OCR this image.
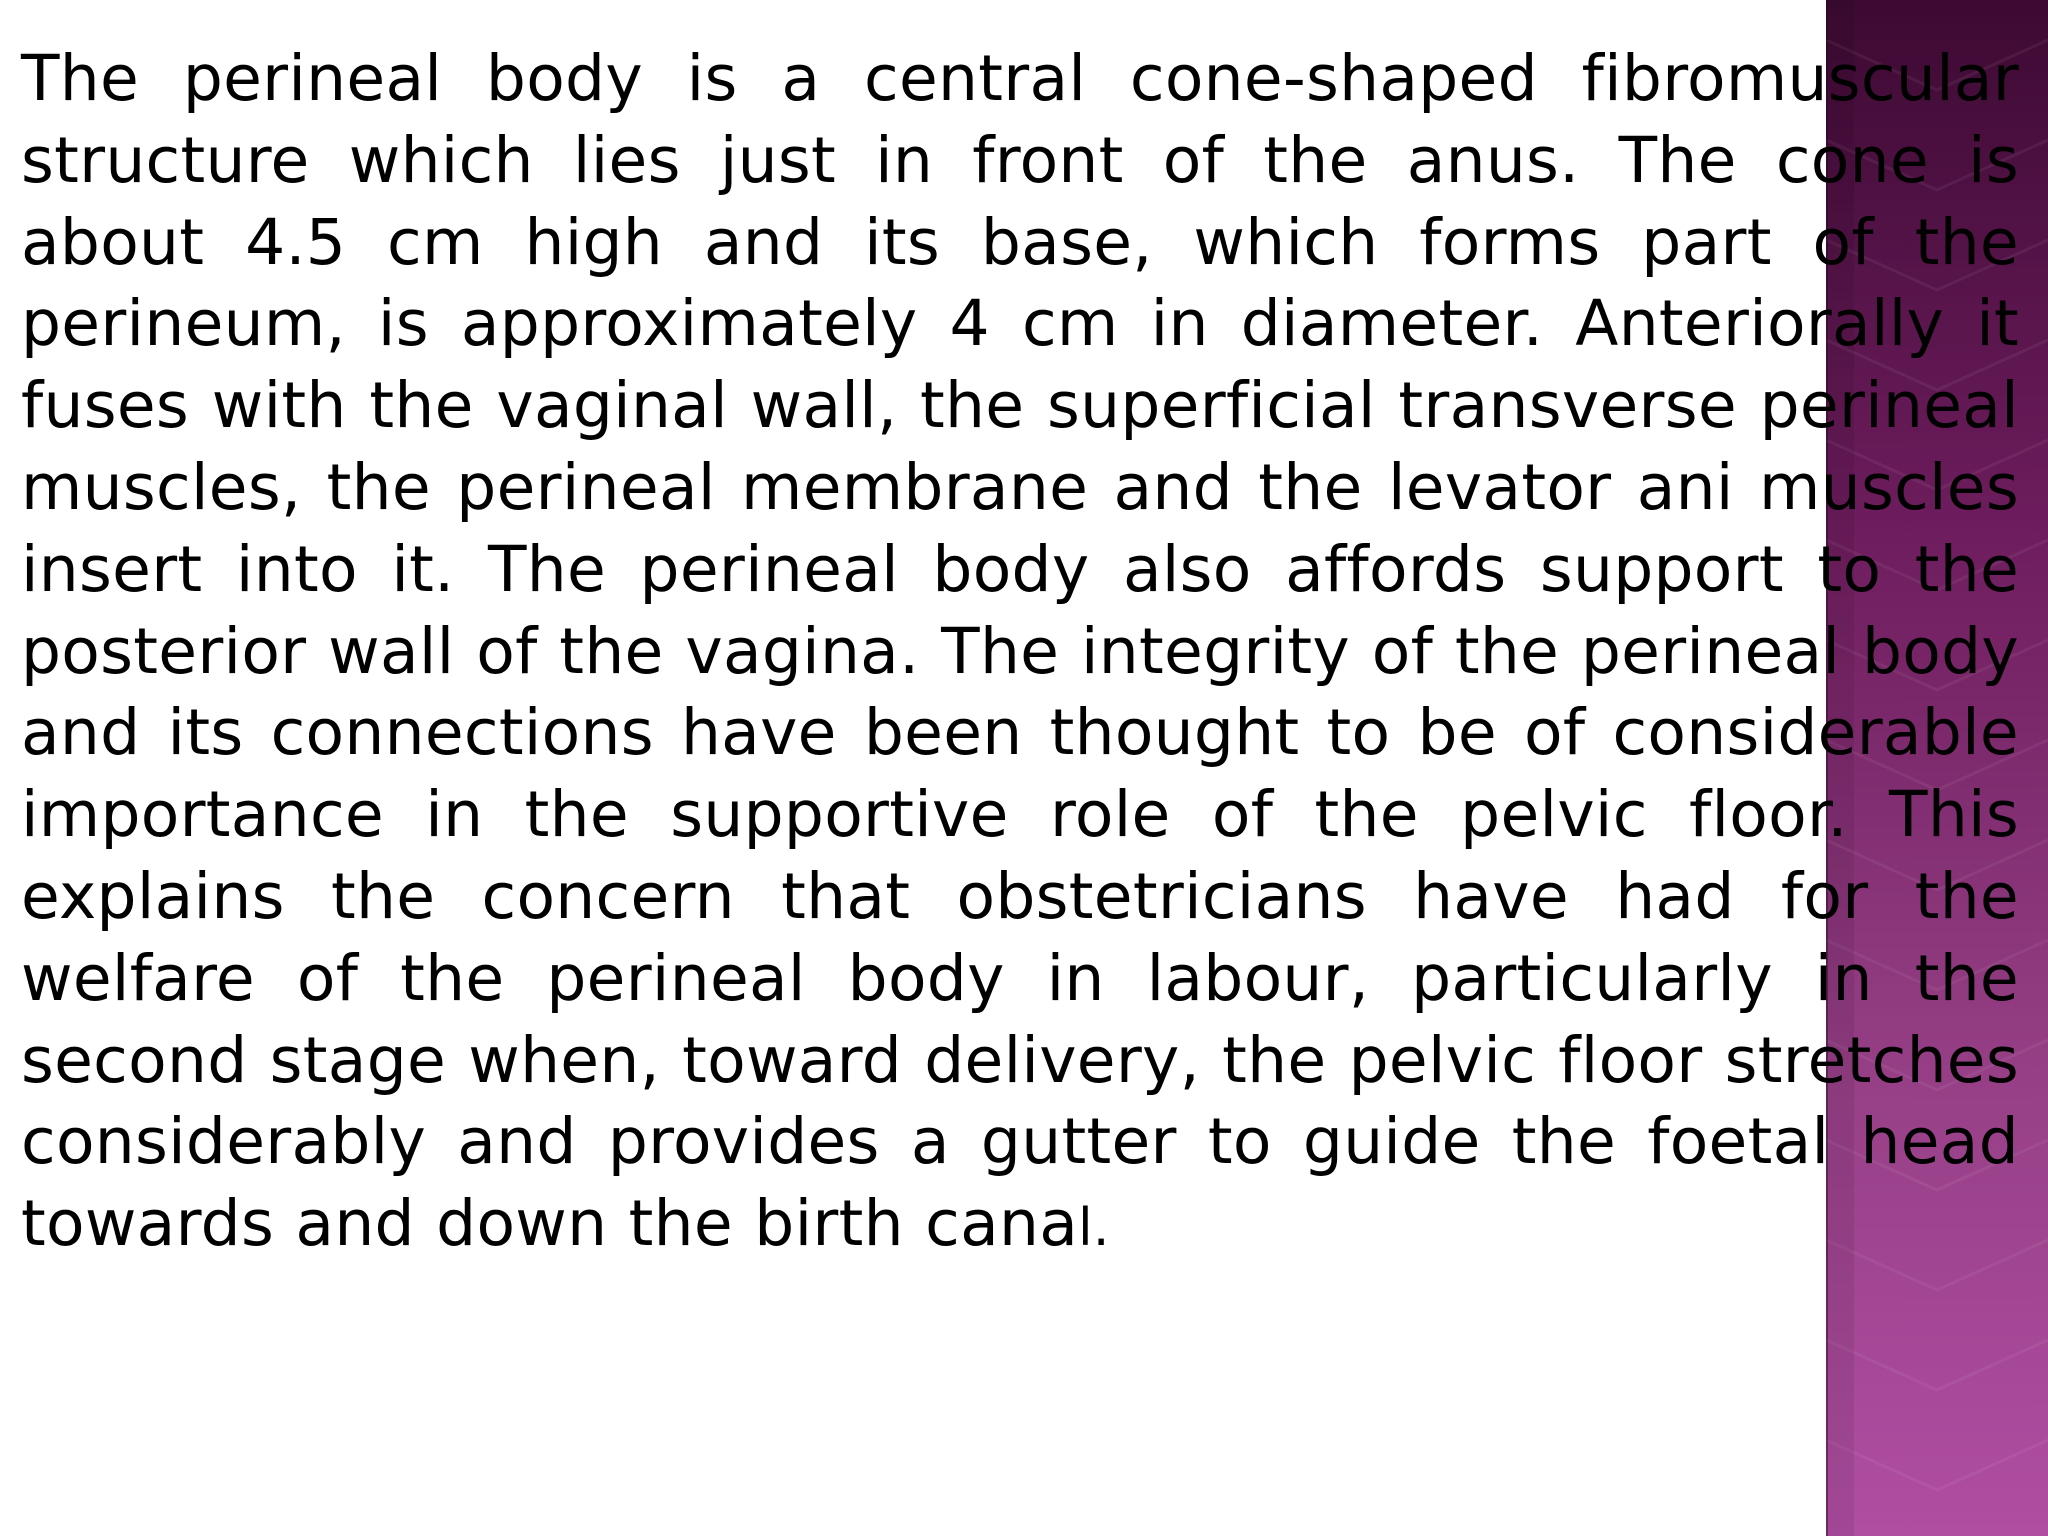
The perineal body is a central cone-shaped fibromuscular structure which lies just in front of the anus. The cone is about 4.5 cm high and its base, which forms part of the perineum, is approximately 4 cm in diameter. Anteriorally it fuses with the vaginal wall, the superficial transverse perineal muscles, the perineal membrane and the levator ani muscles insert into it. The perineal body also affords support to the posterior wall of the vagina. The integrity of the perineal body and its connections have been thought to be of considerable importance in the supportive role of the pelvic floor. This explains the concern that obstetricians have had for the welfare of the perineal body in labour, particularly in the second stage when, toward delivery, the pelvic floor stretches considerably and provides a gutter to guide the foetal head towards and down the birth canal.
